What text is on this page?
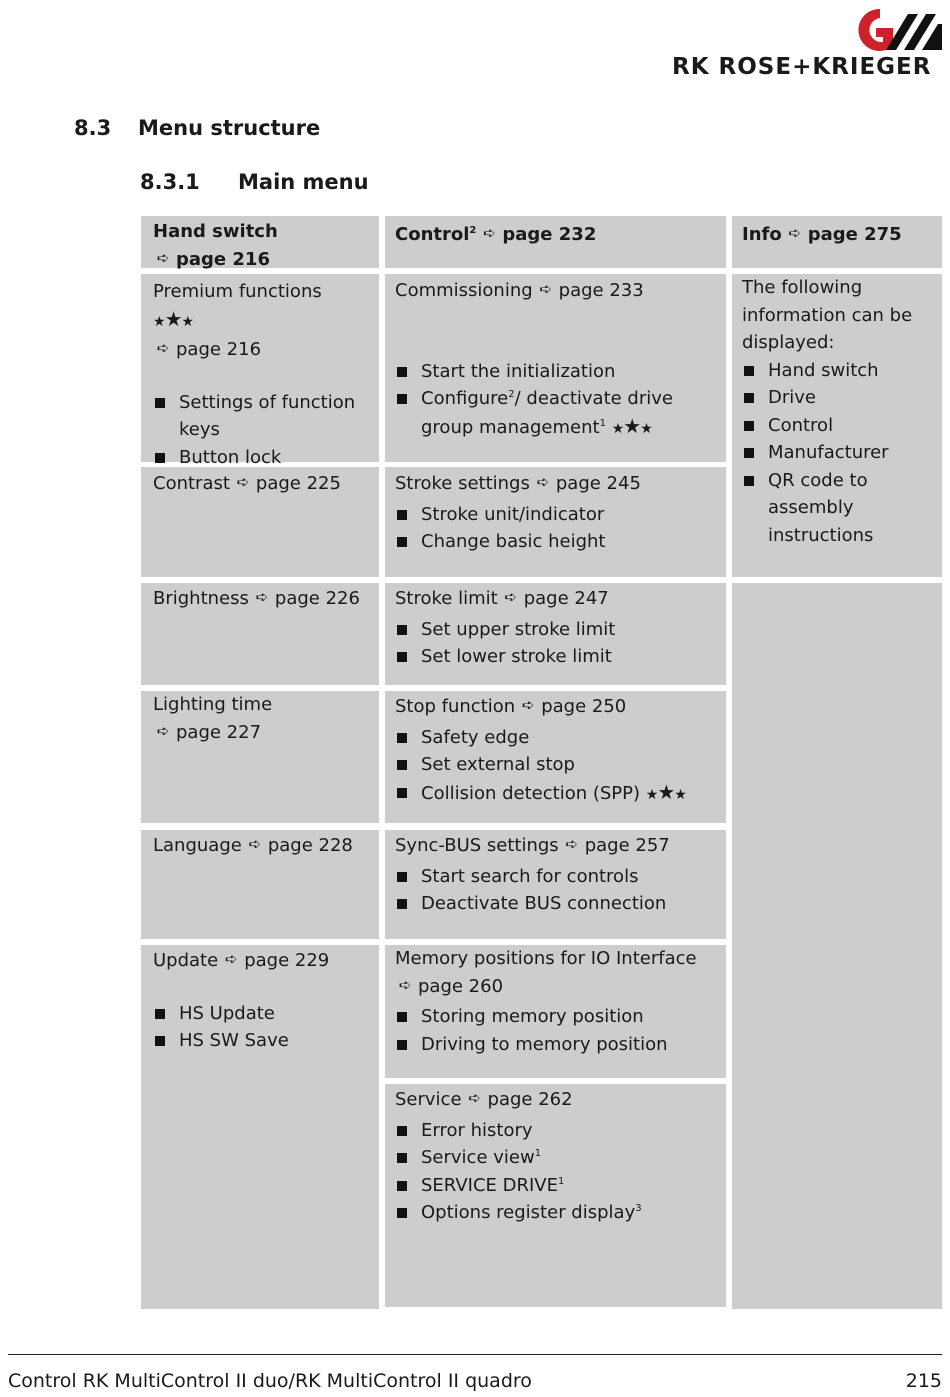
RK ROSE+KRIEGER
8.3 Menu structure
8.3.1 Main menu
Hand switch
➪ page 216
Premium functions ★★★
➪ page 216
Settings of function keys
Button lock
Contrast ➪ page 225
Brightness ➪ page 226
Lighting time
➪ page 227
Language ➪ page 228
Update ➪ page 229
HS Update
HS SW Save
Control$^2$ ➪ page 232
Commissioning ➪ page 233
Start the initialization
Configure$^2$/ deactivate drive group management$^1$ ★★★
Stroke settings ➪ page 245
Stroke unit/indicator
Change basic height
Stroke limit ➪ page 247
Set upper stroke limit
Set lower stroke limit
Stop function ➪ page 250
Safety edge
Set external stop
Collision detection (SPP) ★★★
Sync-BUS settings ➪ page 257
Start search for controls
Deactivate BUS connection
Memory positions for IO Interface
➪ page 260
Storing memory position
Driving to memory position
Service ➪ page 262
Error history
Service view$^1$
SERVICE DRIVE$^1$
Options register display$^3$
Info ➪ page 275
The following information can be displayed:
Hand switch
Drive
Control
Manufacturer
QR code to assembly instructions
Control RK MultiControl II duo/RK MultiControl II quadro	215
